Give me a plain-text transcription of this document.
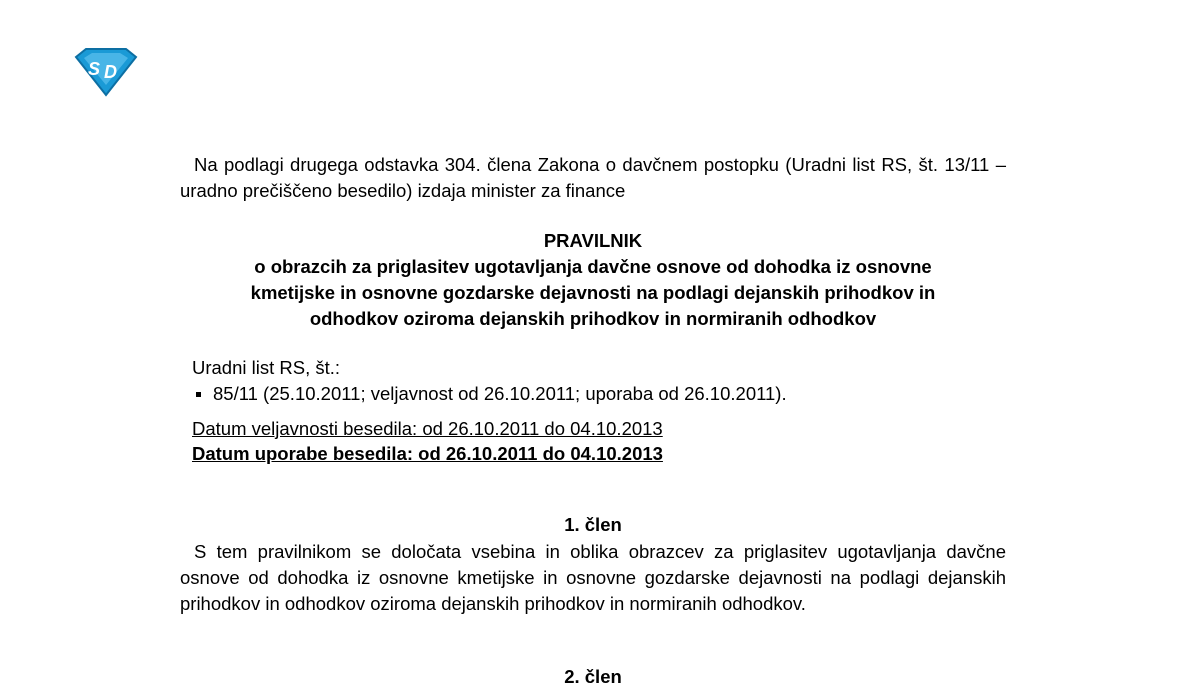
S D

Na podlagi drugega odstavka 304. člena Zakona o davčnem postopku (Uradni list RS, št. 13/11 – uradno prečiščeno besedilo) izdaja minister za finance

PRAVILNIK
o obrazcih za priglasitev ugotavljanja davčne osnove od dohodka iz osnovne
kmetijske in osnovne gozdarske dejavnosti na podlagi dejanskih prihodkov in
odhodkov oziroma dejanskih prihodkov in normiranih odhodkov
Uradni list RS, št.:
85/11 (25.10.2011; veljavnost od 26.10.2011; uporaba od 26.10.2011).
Datum veljavnosti besedila: od 26.10.2011 do 04.10.2013
Datum uporabe besedila: od 26.10.2011 do 04.10.2013
1. člen

S tem pravilnikom se določata vsebina in oblika obrazcev za priglasitev ugotavljanja davčne osnove od dohodka iz osnovne kmetijske in osnovne gozdarske dejavnosti na podlagi dejanskih prihodkov in odhodkov oziroma dejanskih prihodkov in normiranih odhodkov.

2. člen
